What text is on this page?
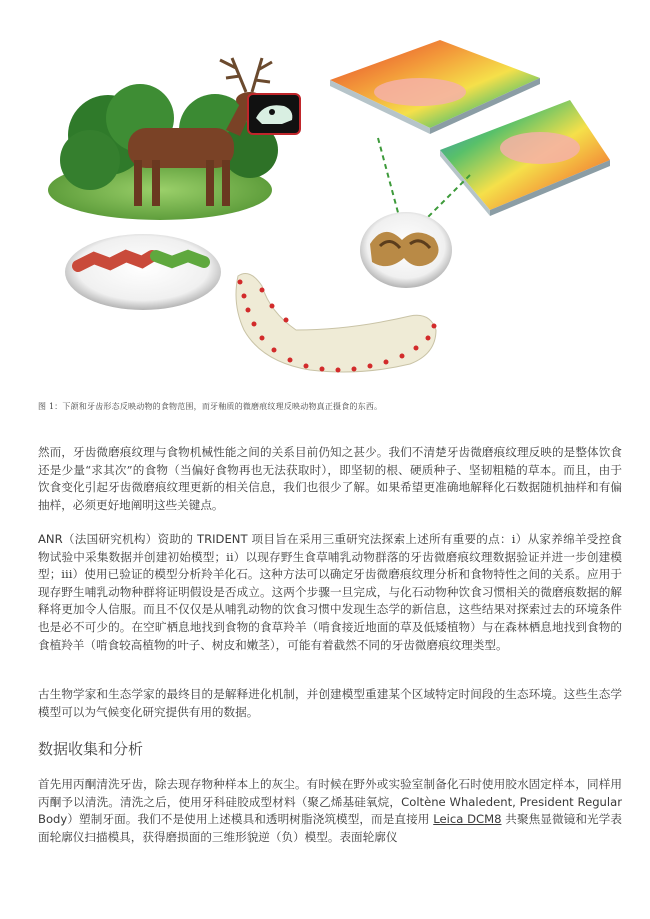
图 1：下颌和牙齿形态反映动物的食物范围，而牙釉质的微磨痕纹理反映动物真正摄食的东西。

然而，牙齿微磨痕纹理与食物机械性能之间的关系目前仍知之甚少。我们不清楚牙齿微磨痕纹理反映的是整体饮食还是少量“求其次”的食物（当偏好食物再也无法获取时），即坚韧的根、硬质种子、坚韧粗糙的草本。而且，由于饮食变化引起牙齿微磨痕纹理更新的相关信息，我们也很少了解。如果希望更准确地解释化石数据随机抽样和有偏抽样，必须更好地阐明这些关键点。

ANR（法国研究机构）资助的 TRIDENT 项目旨在采用三重研究法探索上述所有重要的点：i）从家养绵羊受控食物试验中采集数据并创建初始模型；ii）以现存野生食草哺乳动物群落的牙齿微磨痕纹理数据验证并进一步创建模型；iii）使用已验证的模型分析羚羊化石。这种方法可以确定牙齿微磨痕纹理分析和食物特性之间的关系。应用于现存野生哺乳动物种群将证明假设是否成立。这两个步骤一旦完成，与化石动物种饮食习惯相关的微磨痕数据的解释将更加令人信服。而且不仅仅是从哺乳动物的饮食习惯中发现生态学的新信息，这些结果对探索过去的环境条件也是必不可少的。在空旷栖息地找到食物的食草羚羊（啃食接近地面的草及低矮植物）与在森林栖息地找到食物的食植羚羊（啃食较高植物的叶子、树皮和嫩茎），可能有着截然不同的牙齿微磨痕纹理类型。

古生物学家和生态学家的最终目的是解释进化机制，并创建模型重建某个区域特定时间段的生态环境。这些生态学模型可以为气候变化研究提供有用的数据。

数据收集和分析

首先用丙酮清洗牙齿，除去现存物种样本上的灰尘。有时候在野外或实验室制备化石时使用胶水固定样本，同样用丙酮予以清洗。清洗之后，使用牙科硅胶成型材料（聚乙烯基硅氧烷，Coltène Whaledent, President Regular Body）塑制牙面。我们不是使用上述模具和透明树脂浇筑模型，而是直接用 Leica DCM8 共聚焦显微镜和光学表面轮廓仪扫描模具，获得磨损面的三维形貌逆（负）模型。表面轮廓仪
